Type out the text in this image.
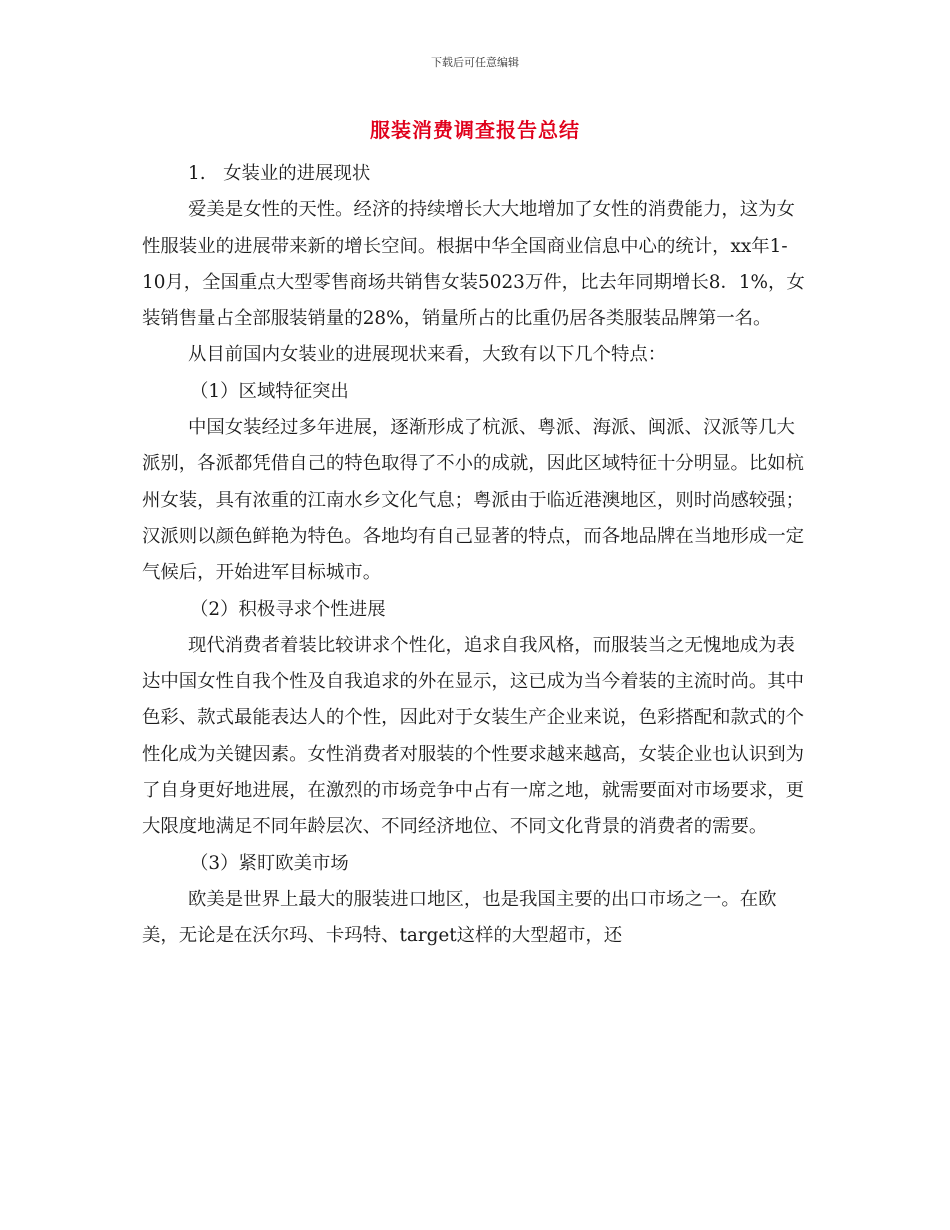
下载后可任意编辑
服装消费调查报告总结

1.   女装业的进展现状

爱美是女性的天性。经济的持续增长大大地增加了女性的消费能力，这为女性服装业的进展带来新的增长空间。根据中华全国商业信息中心的统计，xx年1-10月，全国重点大型零售商场共销售女装5023万件，比去年同期增长8．1%，女装销售量占全部服装销量的28%，销量所占的比重仍居各类服装品牌第一名。

从目前国内女装业的进展现状来看，大致有以下几个特点：

（1）区域特征突出

中国女装经过多年进展，逐渐形成了杭派、粤派、海派、闽派、汉派等几大派别，各派都凭借自己的特色取得了不小的成就，因此区域特征十分明显。比如杭州女装，具有浓重的江南水乡文化气息；粤派由于临近港澳地区，则时尚感较强；汉派则以颜色鲜艳为特色。各地均有自己显著的特点，而各地品牌在当地形成一定气候后，开始进军目标城市。

（2）积极寻求个性进展

现代消费者着装比较讲求个性化，追求自我风格，而服装当之无愧地成为表达中国女性自我个性及自我追求的外在显示，这已成为当今着装的主流时尚。其中色彩、款式最能表达人的个性，因此对于女装生产企业来说，色彩搭配和款式的个性化成为关键因素。女性消费者对服装的个性要求越来越高，女装企业也认识到为了自身更好地进展，在激烈的市场竞争中占有一席之地，就需要面对市场要求，更大限度地满足不同年龄层次、不同经济地位、不同文化背景的消费者的需要。

（3）紧盯欧美市场

欧美是世界上最大的服装进口地区，也是我国主要的出口市场之一。在欧美，无论是在沃尔玛、卡玛特、target这样的大型超市，还
